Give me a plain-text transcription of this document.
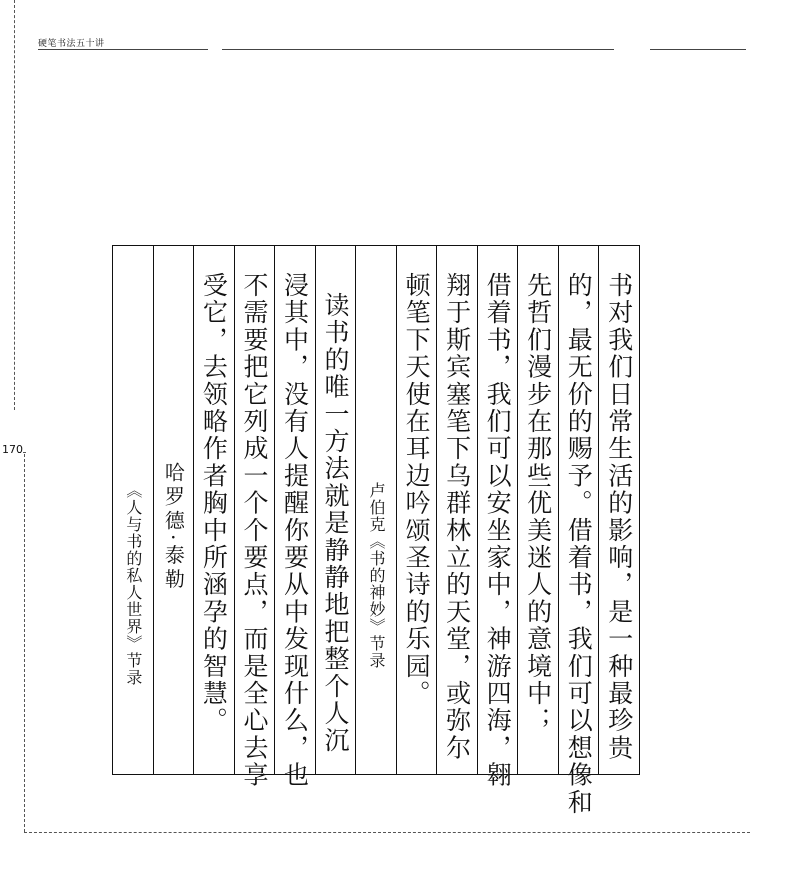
硬笔书法五十讲
170	书对我们日常生活的影响，是一种最珍贵
的，最无价的赐予。借着书，我们可以想像和
先哲们漫步在那些优美迷人的意境中；
借着书，我们可以安坐家中，神游四海，翱
翔于斯宾塞笔下乌群林立的天堂，或弥尔
顿笔下天使在耳边吟颂圣诗的乐园。
卢伯克《书的神妙》节录
读书的唯一方法就是静静地把整个人沉
浸其中，没有人提醒你要从中发现什么，也
不需要把它列成一个个要点，而是全心去享
受它，去领略作者胸中所涵孕的智慧。
哈罗德·泰勒
《人与书的私人世界》节录
